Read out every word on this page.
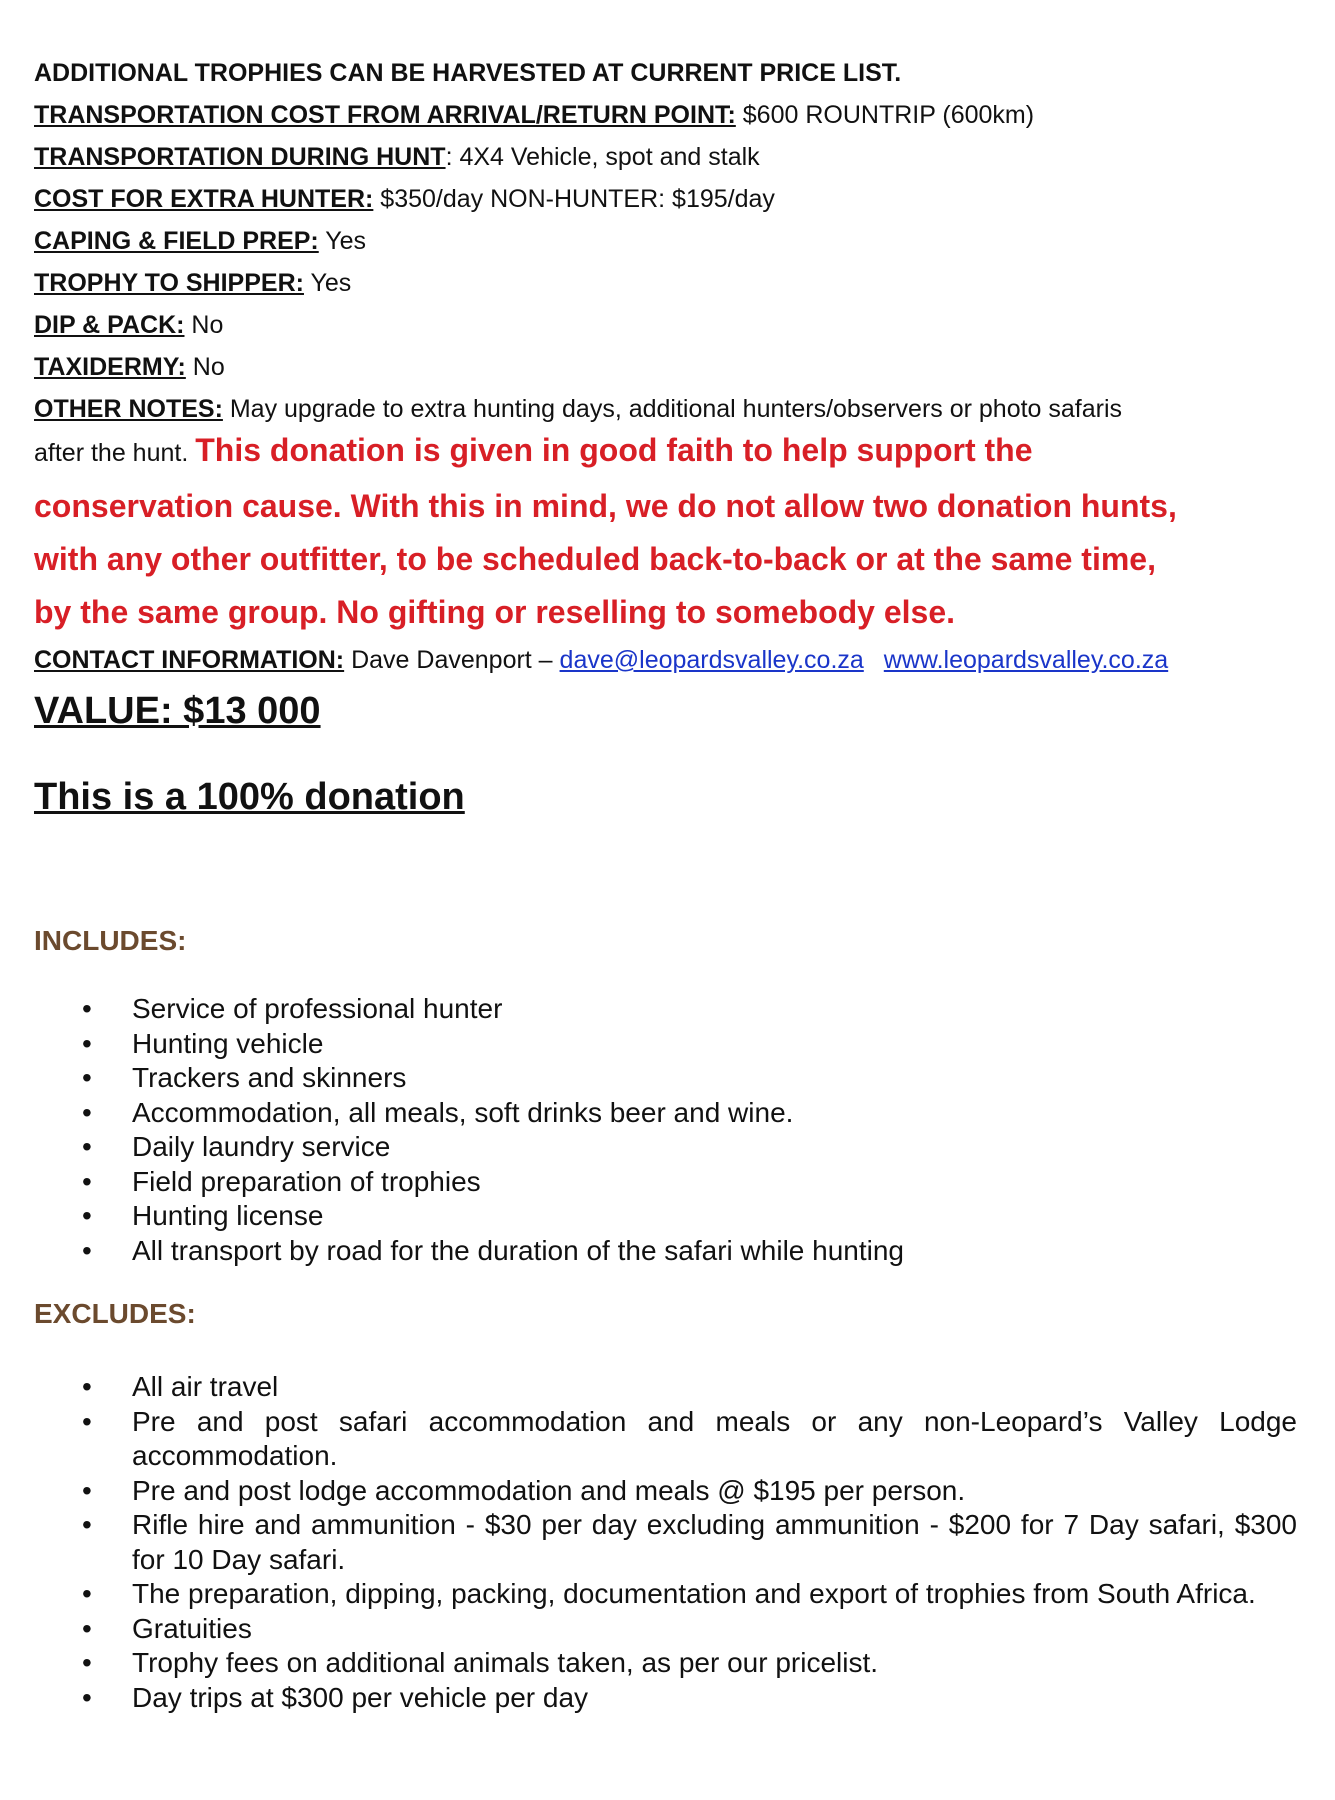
ADDITIONAL TROPHIES CAN BE HARVESTED AT CURRENT PRICE LIST.
TRANSPORTATION COST FROM ARRIVAL/RETURN POINT: $600 ROUNTRIP (600km)
TRANSPORTATION DURING HUNT: 4X4 Vehicle, spot and stalk
COST FOR EXTRA HUNTER: $350/day NON-HUNTER: $195/day
CAPING & FIELD PREP: Yes
TROPHY TO SHIPPER: Yes
DIP & PACK: No
TAXIDERMY: No
OTHER NOTES: May upgrade to extra hunting days, additional hunters/observers or photo safaris
after the hunt. This donation is given in good faith to help support the
conservation cause. With this in mind, we do not allow two donation hunts,
with any other outfitter, to be scheduled back-to-back or at the same time,
by the same group. No gifting or reselling to somebody else.
CONTACT INFORMATION: Dave Davenport – dave@leopardsvalley.co.za www.leopardsvalley.co.za
VALUE: $13 000
This is a 100% donation
INCLUDES:
• Service of professional hunter
• Hunting vehicle
• Trackers and skinners
• Accommodation, all meals, soft drinks beer and wine.
• Daily laundry service
• Field preparation of trophies
• Hunting license
• All transport by road for the duration of the safari while hunting
EXCLUDES:
• All air travel
• Pre and post safari accommodation and meals or any non-Leopard’s Valley Lodge accommodation.
• Pre and post lodge accommodation and meals @ $195 per person.
• Rifle hire and ammunition - $30 per day excluding ammunition - $200 for 7 Day safari, $300 for 10 Day safari.
• The preparation, dipping, packing, documentation and export of trophies from South Africa.
• Gratuities
• Trophy fees on additional animals taken, as per our pricelist.
• Day trips at $300 per vehicle per day
